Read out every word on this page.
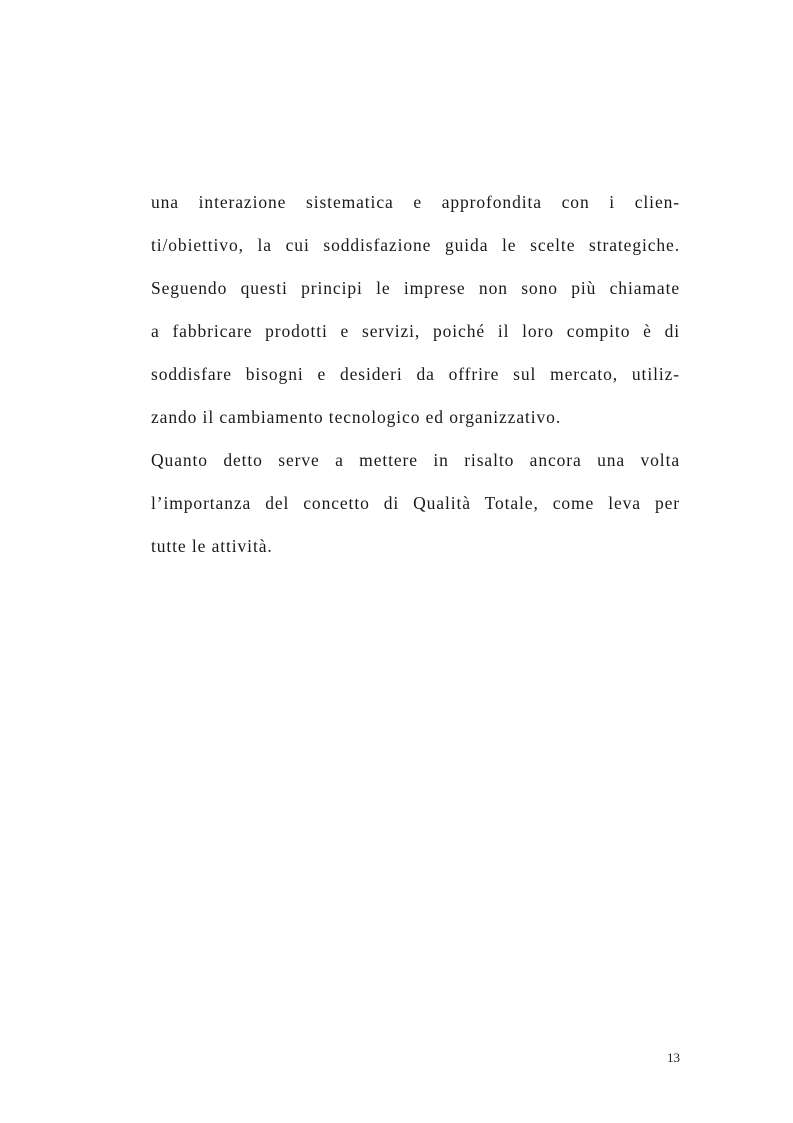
una interazione sistematica e approfondita con i clien-
ti/obiettivo, la cui soddisfazione guida le scelte strategiche.
Seguendo questi principi le imprese non sono più chiamate
a fabbricare prodotti e servizi, poiché il loro compito è di
soddisfare bisogni e desideri da offrire sul mercato, utiliz-
zando il cambiamento tecnologico ed organizzativo.
Quanto detto serve a mettere in risalto ancora una volta
l’importanza del concetto di Qualità Totale, come leva per
tutte le attività.
13
